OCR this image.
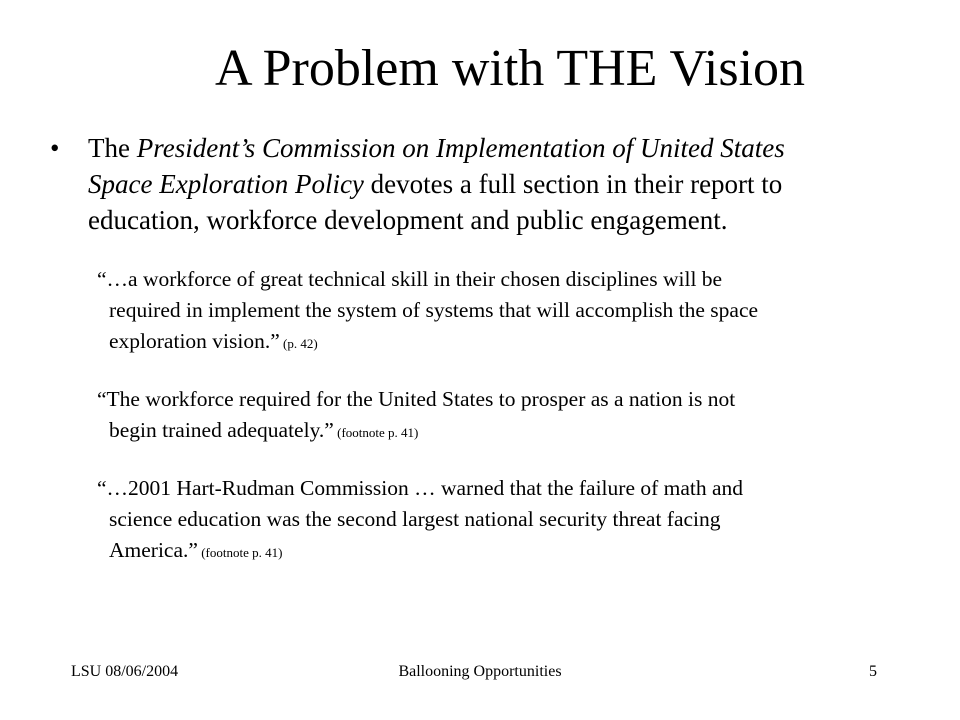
A Problem with THE Vision
• The President’s Commission on Implementation of United States
Space Exploration Policy devotes a full section in their report to
education, workforce development and public engagement.
“…a workforce of great technical skill in their chosen disciplines will be
required in implement the system of systems that will accomplish the space
exploration vision.” (p. 42)
“The workforce required for the United States to prosper as a nation is not
begin trained adequately.” (footnote p. 41)
“…2001 Hart-Rudman Commission … warned that the failure of math and
science education was the second largest national security threat facing
America.” (footnote p. 41)
LSU 08/06/2004	Ballooning Opportunities	5
